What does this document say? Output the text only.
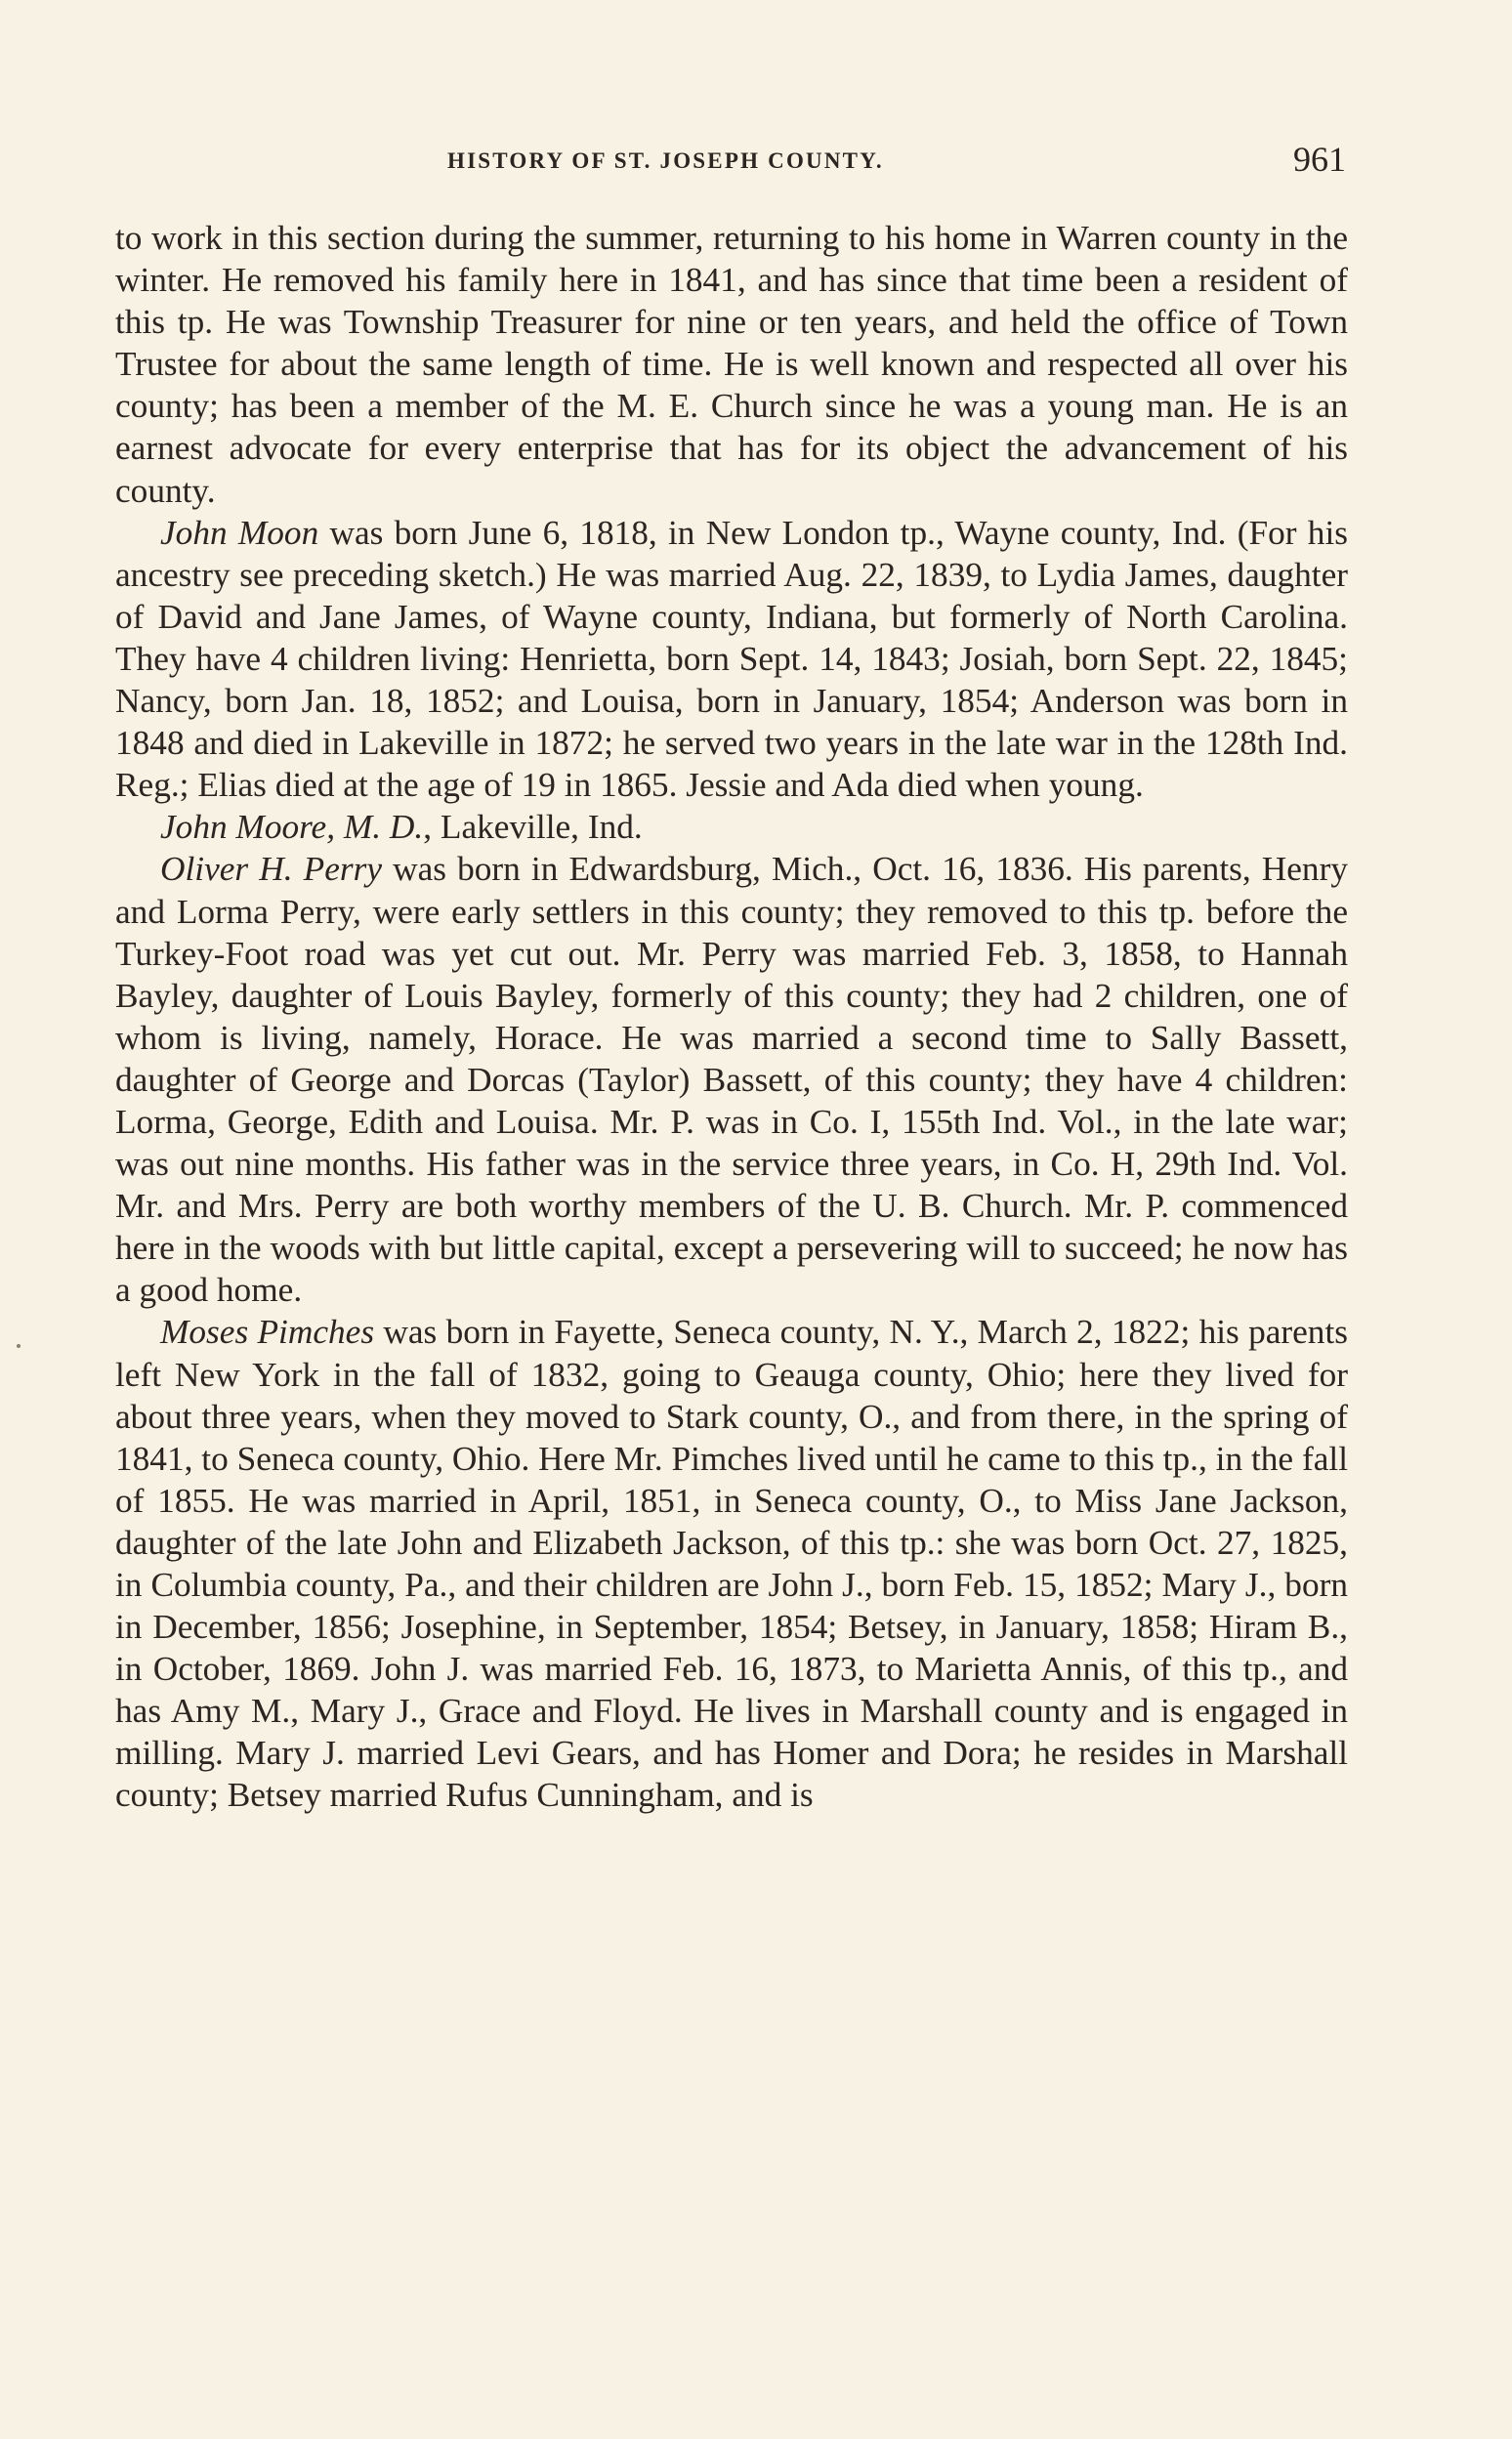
HISTORY OF ST. JOSEPH COUNTY.	961

to work in this section during the summer, returning to his home in Warren county in the winter. He removed his family here in 1841, and has since that time been a resident of this tp. He was Township Treasurer for nine or ten years, and held the office of Town Trustee for about the same length of time. He is well known and respected all over his county; has been a member of the M. E. Church since he was a young man. He is an earnest advocate for every enterprise that has for its object the advancement of his county.

John Moon was born June 6, 1818, in New London tp., Wayne county, Ind. (For his ancestry see preceding sketch.) He was married Aug. 22, 1839, to Lydia James, daughter of David and Jane James, of Wayne county, Indiana, but formerly of North Carolina. They have 4 children living: Henrietta, born Sept. 14, 1843; Josiah, born Sept. 22, 1845; Nancy, born Jan. 18, 1852; and Louisa, born in January, 1854; Anderson was born in 1848 and died in Lakeville in 1872; he served two years in the late war in the 128th Ind. Reg.; Elias died at the age of 19 in 1865. Jessie and Ada died when young.

John Moore, M. D., Lakeville, Ind.

Oliver H. Perry was born in Edwardsburg, Mich., Oct. 16, 1836. His parents, Henry and Lorma Perry, were early settlers in this county; they removed to this tp. before the Turkey-Foot road was yet cut out. Mr. Perry was married Feb. 3, 1858, to Hannah Bayley, daughter of Louis Bayley, formerly of this county; they had 2 children, one of whom is living, namely, Horace. He was married a second time to Sally Bassett, daughter of George and Dorcas (Taylor) Bassett, of this county; they have 4 children: Lorma, George, Edith and Louisa. Mr. P. was in Co. I, 155th Ind. Vol., in the late war; was out nine months. His father was in the service three years, in Co. H, 29th Ind. Vol. Mr. and Mrs. Perry are both worthy members of the U. B. Church. Mr. P. commenced here in the woods with but little capital, except a persevering will to succeed; he now has a good home.

Moses Pimches was born in Fayette, Seneca county, N. Y., March 2, 1822; his parents left New York in the fall of 1832, going to Geauga county, Ohio; here they lived for about three years, when they moved to Stark county, O., and from there, in the spring of 1841, to Seneca county, Ohio. Here Mr. Pimches lived until he came to this tp., in the fall of 1855. He was married in April, 1851, in Seneca county, O., to Miss Jane Jackson, daughter of the late John and Elizabeth Jackson, of this tp.: she was born Oct. 27, 1825, in Columbia county, Pa., and their children are John J., born Feb. 15, 1852; Mary J., born in December, 1856; Josephine, in September, 1854; Betsey, in January, 1858; Hiram B., in October, 1869. John J. was married Feb. 16, 1873, to Marietta Annis, of this tp., and has Amy M., Mary J., Grace and Floyd. He lives in Marshall county and is engaged in milling. Mary J. married Levi Gears, and has Homer and Dora; he resides in Marshall county; Betsey married Rufus Cunningham, and is
